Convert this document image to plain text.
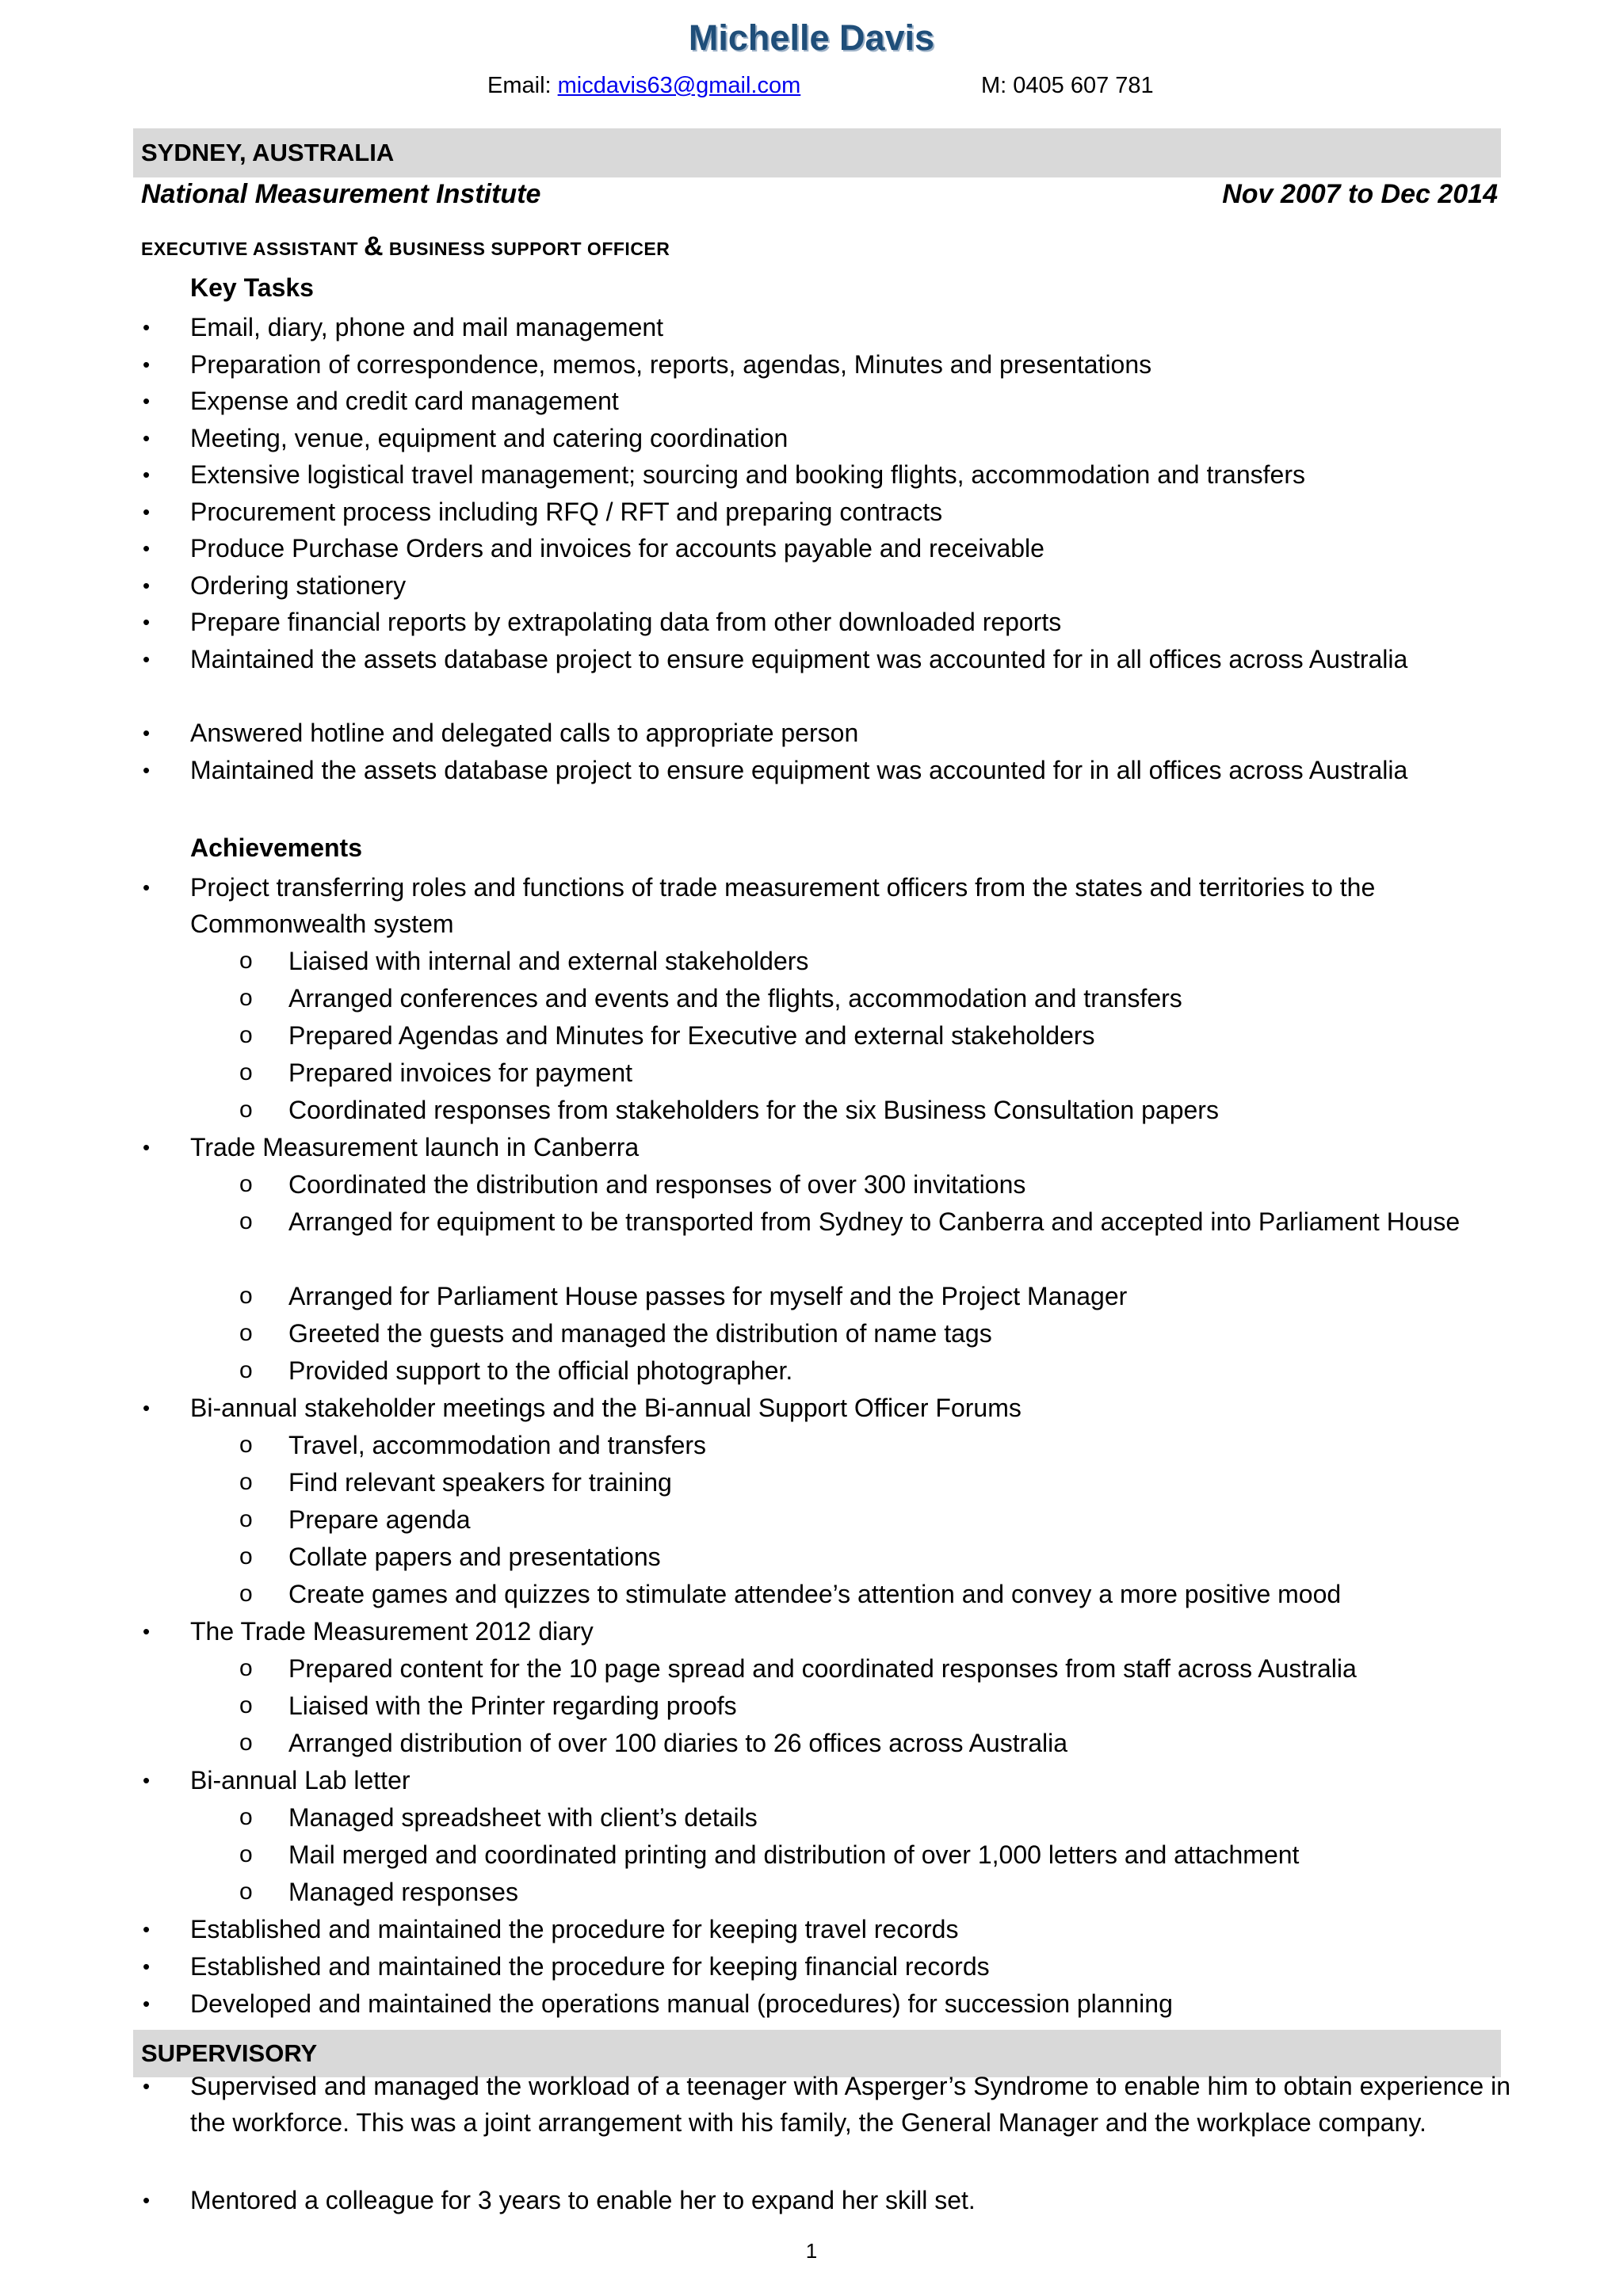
Michelle Davis
Email: micdavis63@gmail.com	M: 0405 607 781
SYDNEY, AUSTRALIA
National Measurement Institute	Nov 2007 to Dec 2014
EXECUTIVE ASSISTANT & BUSINESS SUPPORT OFFICER
Key Tasks
• Email, diary, phone and mail management
• Preparation of correspondence, memos, reports, agendas, Minutes and presentations
• Expense and credit card management
• Meeting, venue, equipment and catering coordination
• Extensive logistical travel management; sourcing and booking flights, accommodation and transfers
• Procurement process including RFQ / RFT and preparing contracts
• Produce Purchase Orders and invoices for accounts payable and receivable
• Ordering stationery
• Prepare financial reports by extrapolating data from other downloaded reports
• Maintained the assets database project to ensure equipment was accounted for in all offices across Australia
• Answered hotline and delegated calls to appropriate person
• Maintained the assets database project to ensure equipment was accounted for in all offices across Australia
Achievements
• Project transferring roles and functions of trade measurement officers from the states and territories to the Commonwealth system
o Liaised with internal and external stakeholders
o Arranged conferences and events and the flights, accommodation and transfers
o Prepared Agendas and Minutes for Executive and external stakeholders
o Prepared invoices for payment
o Coordinated responses from stakeholders for the six Business Consultation papers
• Trade Measurement launch in Canberra
o Coordinated the distribution and responses of over 300 invitations
o Arranged for equipment to be transported from Sydney to Canberra and accepted into Parliament House
o Arranged for Parliament House passes for myself and the Project Manager
o Greeted the guests and managed the distribution of name tags
o Provided support to the official photographer.
• Bi-annual stakeholder meetings and the Bi-annual Support Officer Forums
o Travel, accommodation and transfers
o Find relevant speakers for training
o Prepare agenda
o Collate papers and presentations
o Create games and quizzes to stimulate attendee’s attention and convey a more positive mood
• The Trade Measurement 2012 diary
o Prepared content for the 10 page spread and coordinated responses from staff across Australia
o Liaised with the Printer regarding proofs
o Arranged distribution of over 100 diaries to 26 offices across Australia
• Bi-annual Lab letter
o Managed spreadsheet with client’s details
o Mail merged and coordinated printing and distribution of over 1,000 letters and attachment
o Managed responses
• Established and maintained the procedure for keeping travel records
• Established and maintained the procedure for keeping financial records
• Developed and maintained the operations manual (procedures) for succession planning
SUPERVISORY
• Supervised and managed the workload of a teenager with Asperger’s Syndrome to enable him to obtain experience in the workforce. This was a joint arrangement with his family, the General Manager and the workplace company.
• Mentored a colleague for 3 years to enable her to expand her skill set.
1
